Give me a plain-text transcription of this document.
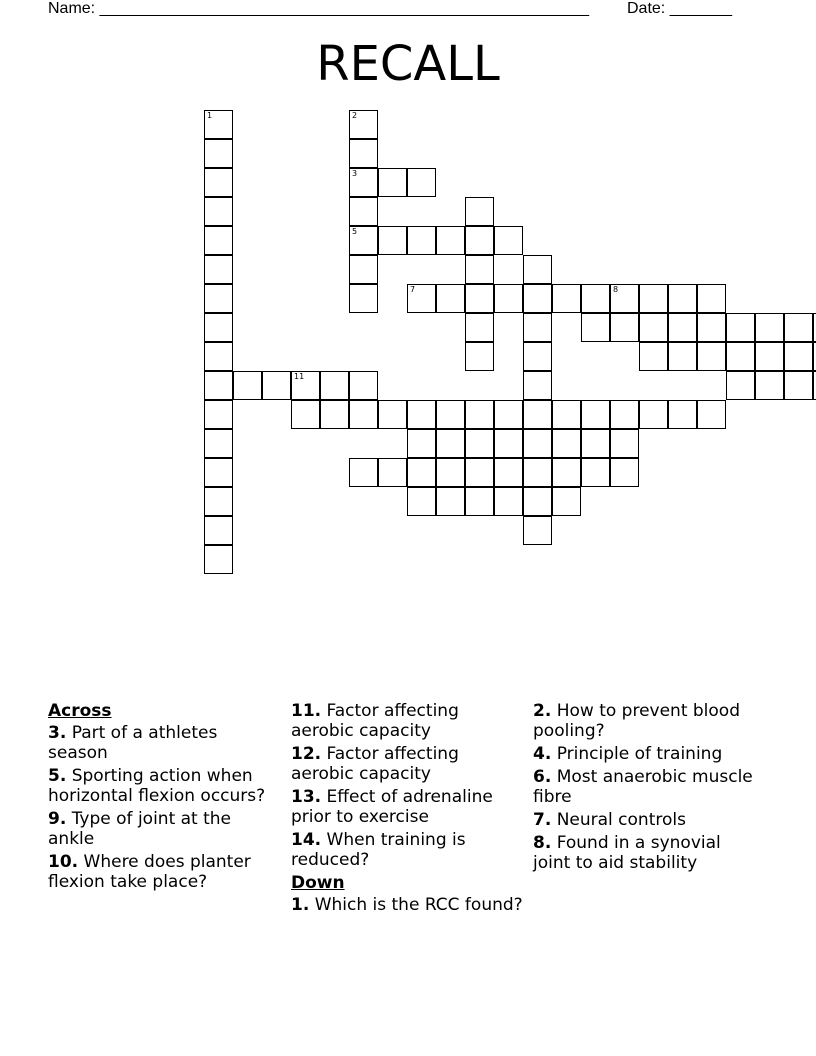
Name: _______________________________________________________ Date: _______
RECALL
1	2
3
5
7	8
11

Across

3. Part of a athletes season

5. Sporting action when horizontal flexion occurs?

9. Type of joint at the ankle

10. Where does planter flexion take place?

11. Factor affecting aerobic capacity

12. Factor affecting aerobic capacity

13. Effect of adrenaline prior to exercise

14. When training is reduced?

Down

1. Which is the RCC found?

2. How to prevent blood pooling?

4. Principle of training

6. Most anaerobic muscle fibre

7. Neural controls

8. Found in a synovial joint to aid stability
